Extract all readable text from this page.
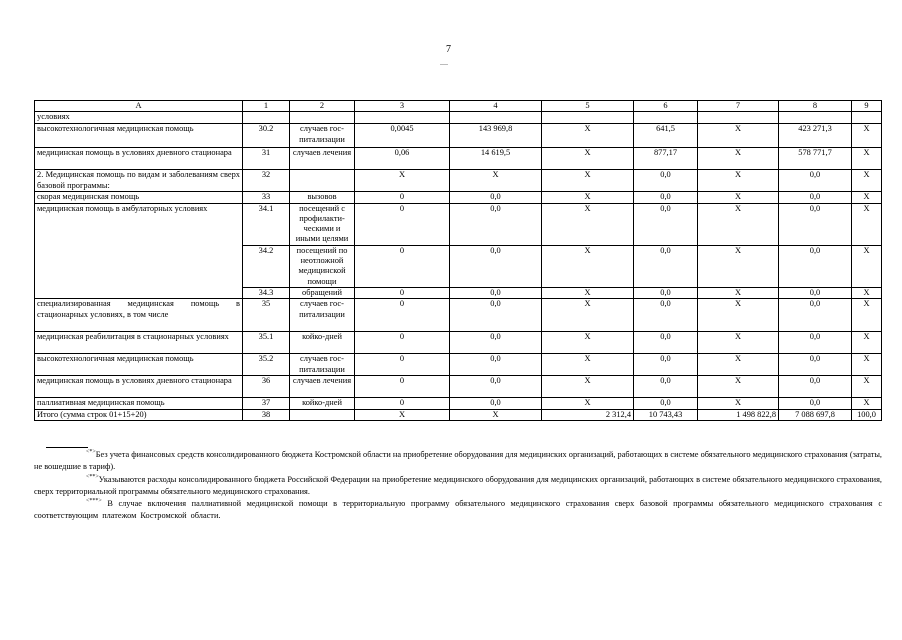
7
А	1	2	3	4	5	6	7	8	9
условиях									
высокотехнологичная медицинская помощь	30.2	случаев гос-питализации	0,0045	143 969,8	Х	641,5	Х	423 271,3	Х
медицинская помощь в условиях дневного стационара	31	случаев лечения	0,06	14 619,5	Х	877,17	Х	578 771,7	Х
2. Медицинская помощь по видам и заболеваниям сверх базовой программы:	32		Х	Х	Х	0,0	Х	0,0	Х
скорая медицинская помощь	33	вызовов	0	0,0	Х	0,0	Х	0,0	Х
медицинская помощь в амбулаторных условиях	34.1	посещений с профилакти-ческими и иными целями	0	0,0	Х	0,0	Х	0,0	Х
	34.2	посещений по неотложной медицинской помощи	0	0,0	Х	0,0	Х	0,0	Х
	34.3	обращений	0	0,0	Х	0,0	Х	0,0	Х
специализированная медицинская помощь в стационарных условиях, в том числе	35	случаев гос-питализации	0	0,0	Х	0,0	Х	0,0	Х
медицинская реабилитация в стационарных условиях	35.1	койко-дней	0	0,0	Х	0,0	Х	0,0	Х
высокотехнологичная медицинская помощь	35.2	случаев гос-питализации	0	0,0	Х	0,0	Х	0,0	Х
медицинская помощь в условиях дневного стационара	36	случаев лечения	0	0,0	Х	0,0	Х	0,0	Х
паллиативная медицинская помощь	37	койко-дней	0	0,0	Х	0,0	Х	0,0	Х
Итого (сумма строк 01+15+20)	38		Х	Х	2 312,4	10 743,43	1 498 822,8	7 088 697,8	100,0
<*>Без учета финансовых средств консолидированного бюджета Костромской области на приобретение оборудования для медицинских организаций, работающих в системе обязательного медицинского страхования (затраты, не вошедшие в тариф).
<**>Указываются расходы консолидированного бюджета Российской Федерации на приобретение медицинского оборудования для медицинских организаций, работающих в системе обязательного медицинского страхования, сверх территориальной программы обязательного медицинского страхования.
<***> В случае включения паллиативной медицинской помощи в территориальную программу обязательного медицинского страхования сверх базовой программы обязательного медицинского страхования с соответствующим платежом Костромской области.
